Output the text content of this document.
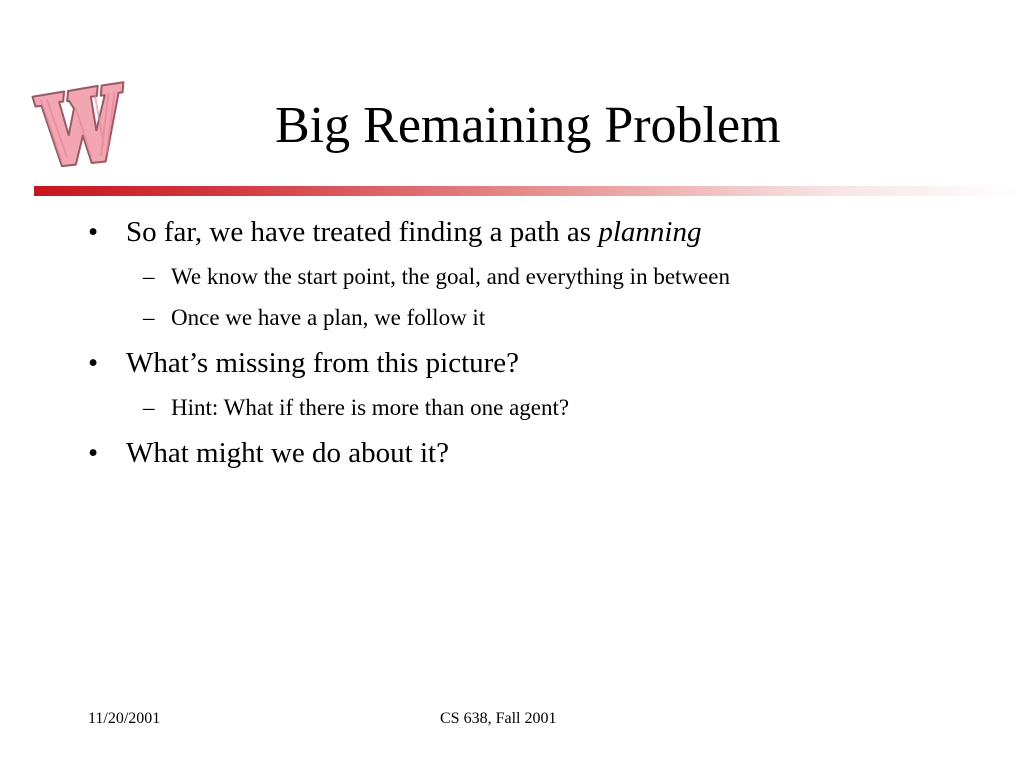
Big Remaining Problem
• So far, we have treated finding a path as planning
– We know the start point, the goal, and everything in between
– Once we have a plan, we follow it
• What’s missing from this picture?
– Hint: What if there is more than one agent?
• What might we do about it?
11/20/2001	CS 638, Fall 2001
